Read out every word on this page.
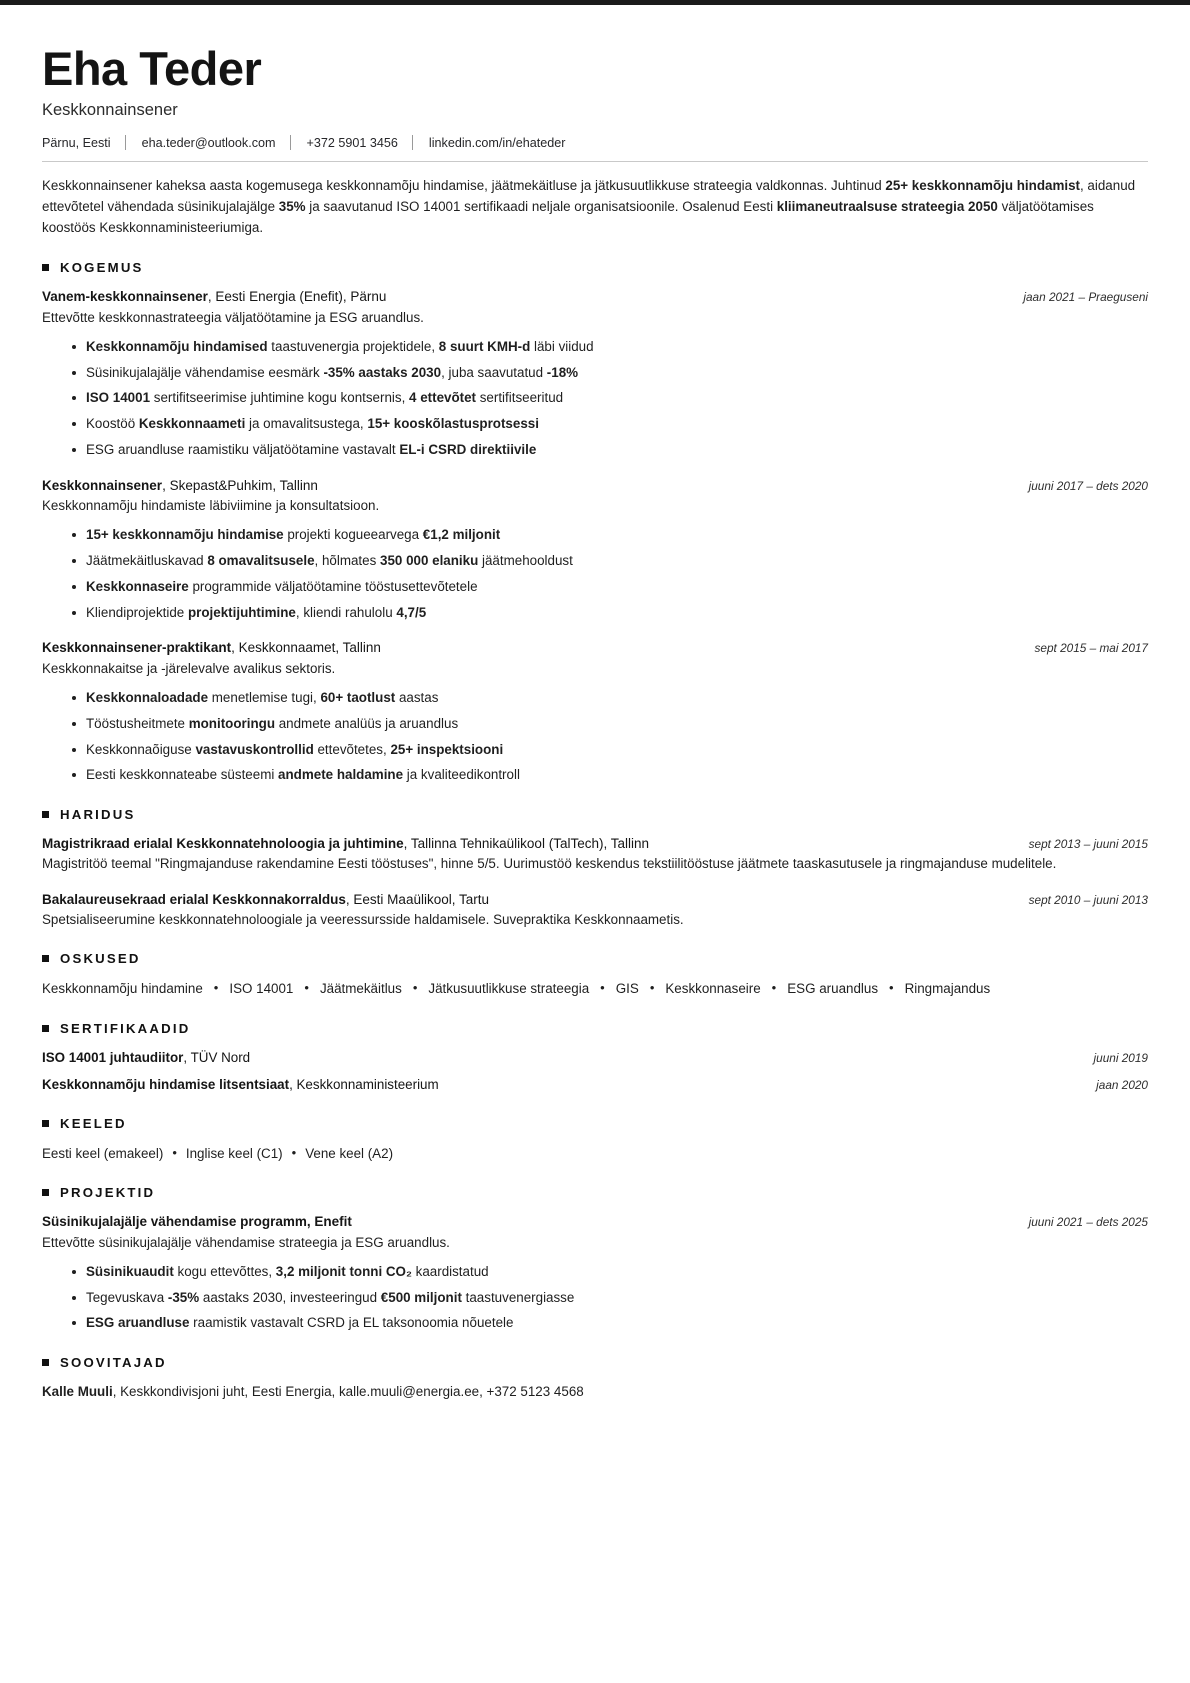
Eha Teder
Keskkonnainsener
Pärnu, Eesti eha.teder@outlook.com +372 5901 3456 linkedin.com/in/ehateder

Keskkonnainsener kaheksa aasta kogemusega keskkonnamõju hindamise, jäätmekäitluse ja jätkusuutlikkuse strateegia valdkonnas. Juhtinud 25+ keskkonnamõju hindamist, aidanud ettevõtetel vähendada süsinikujalajälge 35% ja saavutanud ISO 14001 sertifikaadi neljale organisatsioonile. Osalenud Eesti kliimaneutraalsuse strateegia 2050 väljatöötamises koostöös Keskkonnaministeeriumiga.

KOGEMUS
Vanem-keskkonnainsener, Eesti Energia (Enefit), Pärnu	jaan 2021 – Praeguseni
Ettevõtte keskkonnastrateegia väljatöötamine ja ESG aruandlus.
Keskkonnamõju hindamised taastuvenergia projektidele, 8 suurt KMH-d läbi viidud
Süsinikujalajälje vähendamise eesmärk -35% aastaks 2030, juba saavutatud -18%
ISO 14001 sertifitseerimise juhtimine kogu kontsernis, 4 ettevõtet sertifitseeritud
Koostöö Keskkonnaameti ja omavalitsustega, 15+ kooskõlastusprotsessi
ESG aruandluse raamistiku väljatöötamine vastavalt EL-i CSRD direktiivile
Keskkonnainsener, Skepast&Puhkim, Tallinn	juuni 2017 – dets 2020
Keskkonnamõju hindamiste läbiviimine ja konsultatsioon.
15+ keskkonnamõju hindamise projekti kogueearvega €1,2 miljonit
Jäätmekäitluskavad 8 omavalitsusele, hõlmates 350 000 elaniku jäätmehooldust
Keskkonnaseire programmide väljatöötamine tööstusettevõtetele
Kliendiprojektide projektijuhtimine, kliendi rahulolu 4,7/5
Keskkonnainsener-praktikant, Keskkonnaamet, Tallinn	sept 2015 – mai 2017
Keskkonnakaitse ja -järelevalve avalikus sektoris.
Keskkonnaloadade menetlemise tugi, 60+ taotlust aastas
Tööstusheitmete monitooringu andmete analüüs ja aruandlus
Keskkonnaõiguse vastavuskontrollid ettevõtetes, 25+ inspektsiooni
Eesti keskkonnateabe süsteemi andmete haldamine ja kvaliteedikontroll
HARIDUS
Magistrikraad erialal Keskkonnatehnoloogia ja juhtimine, Tallinna Tehnikaülikool (TalTech), Tallinn	sept 2013 – juuni 2015
Magistritöö teemal "Ringmajanduse rakendamine Eesti tööstuses", hinne 5/5. Uurimustöö keskendus tekstiilitööstuse jäätmete taaskasutusele ja ringmajanduse mudelitele.
Bakalaureusekraad erialal Keskkonnakorraldus, Eesti Maaülikool, Tartu	sept 2010 – juuni 2013
Spetsialiseerumine keskkonnatehnoloogiale ja veeressursside haldamisele. Suvepraktika Keskkonnaametis.
OSKUSED
Keskkonnamõju hindamine • ISO 14001 • Jäätmekäitlus • Jätkusuutlikkuse strateegia • GIS • Keskkonnaseire • ESG aruandlus • Ringmajandus
SERTIFIKAADID
ISO 14001 juhtaudiitor, TÜV Nord	juuni 2019
Keskkonnamõju hindamise litsentsiaat, Keskkonnaministeerium	jaan 2020
KEELED
Eesti keel (emakeel) • Inglise keel (C1) • Vene keel (A2)
PROJEKTID
Süsinikujalajälje vähendamise programm, Enefit	juuni 2021 – dets 2025
Ettevõtte süsinikujalajälje vähendamise strateegia ja ESG aruandlus.
Süsinikuaudit kogu ettevõttes, 3,2 miljonit tonni CO₂ kaardistatud
Tegevuskava -35% aastaks 2030, investeeringud €500 miljonit taastuvenergiasse
ESG aruandluse raamistik vastavalt CSRD ja EL taksonoomia nõuetele
SOOVITAJAD
Kalle Muuli, Keskkondivisjoni juht, Eesti Energia, kalle.muuli@energia.ee, +372 5123 4568
